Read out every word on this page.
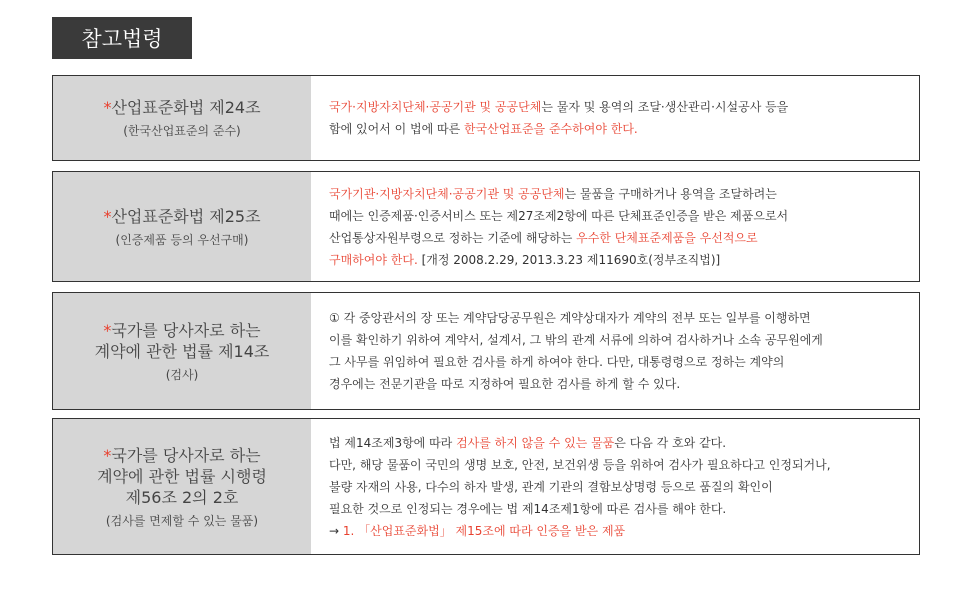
참고법령
*산업표준화법 제24조
(한국산업표준의 준수)

국가·지방자치단체·공공기관 및 공공단체는 물자 및 용역의 조달·생산관리·시설공사 등을

함에 있어서 이 법에 따른 한국산업표준을 준수하여야 한다.

*산업표준화법 제25조
(인증제품 등의 우선구매)

국가기관·지방자치단체·공공기관 및 공공단체는 물품을 구매하거나 용역을 조달하려는

때에는 인증제품·인증서비스 또는 제27조제2항에 따른 단체표준인증을 받은 제품으로서

산업통상자원부령으로 정하는 기준에 해당하는 우수한 단체표준제품을 우선적으로

구매하여야 한다. [개정 2008.2.29, 2013.3.23 제11690호(정부조직법)]

*국가를 당사자로 하는
계약에 관한 법률 제14조
(검사)

① 각 중앙관서의 장 또는 계약담당공무원은 계약상대자가 계약의 전부 또는 일부를 이행하면

이를 확인하기 위하여 계약서, 설계서, 그 밖의 관계 서류에 의하여 검사하거나 소속 공무원에게

그 사무를 위임하여 필요한 검사를 하게 하여야 한다. 다만, 대통령령으로 정하는 계약의

경우에는 전문기관을 따로 지정하여 필요한 검사를 하게 할 수 있다.

*국가를 당사자로 하는
계약에 관한 법률 시행령
제56조 2의 2호
(검사를 면제할 수 있는 물품)

법 제14조제3항에 따라 검사를 하지 않을 수 있는 물품은 다음 각 호와 같다.

다만, 해당 물품이 국민의 생명 보호, 안전, 보건위생 등을 위하여 검사가 필요하다고 인정되거나,

불량 자재의 사용, 다수의 하자 발생, 관계 기관의 결함보상명령 등으로 품질의 확인이

필요한 것으로 인정되는 경우에는 법 제14조제1항에 따른 검사를 해야 한다.

→ 1. 「산업표준화법」 제15조에 따라 인증을 받은 제품
